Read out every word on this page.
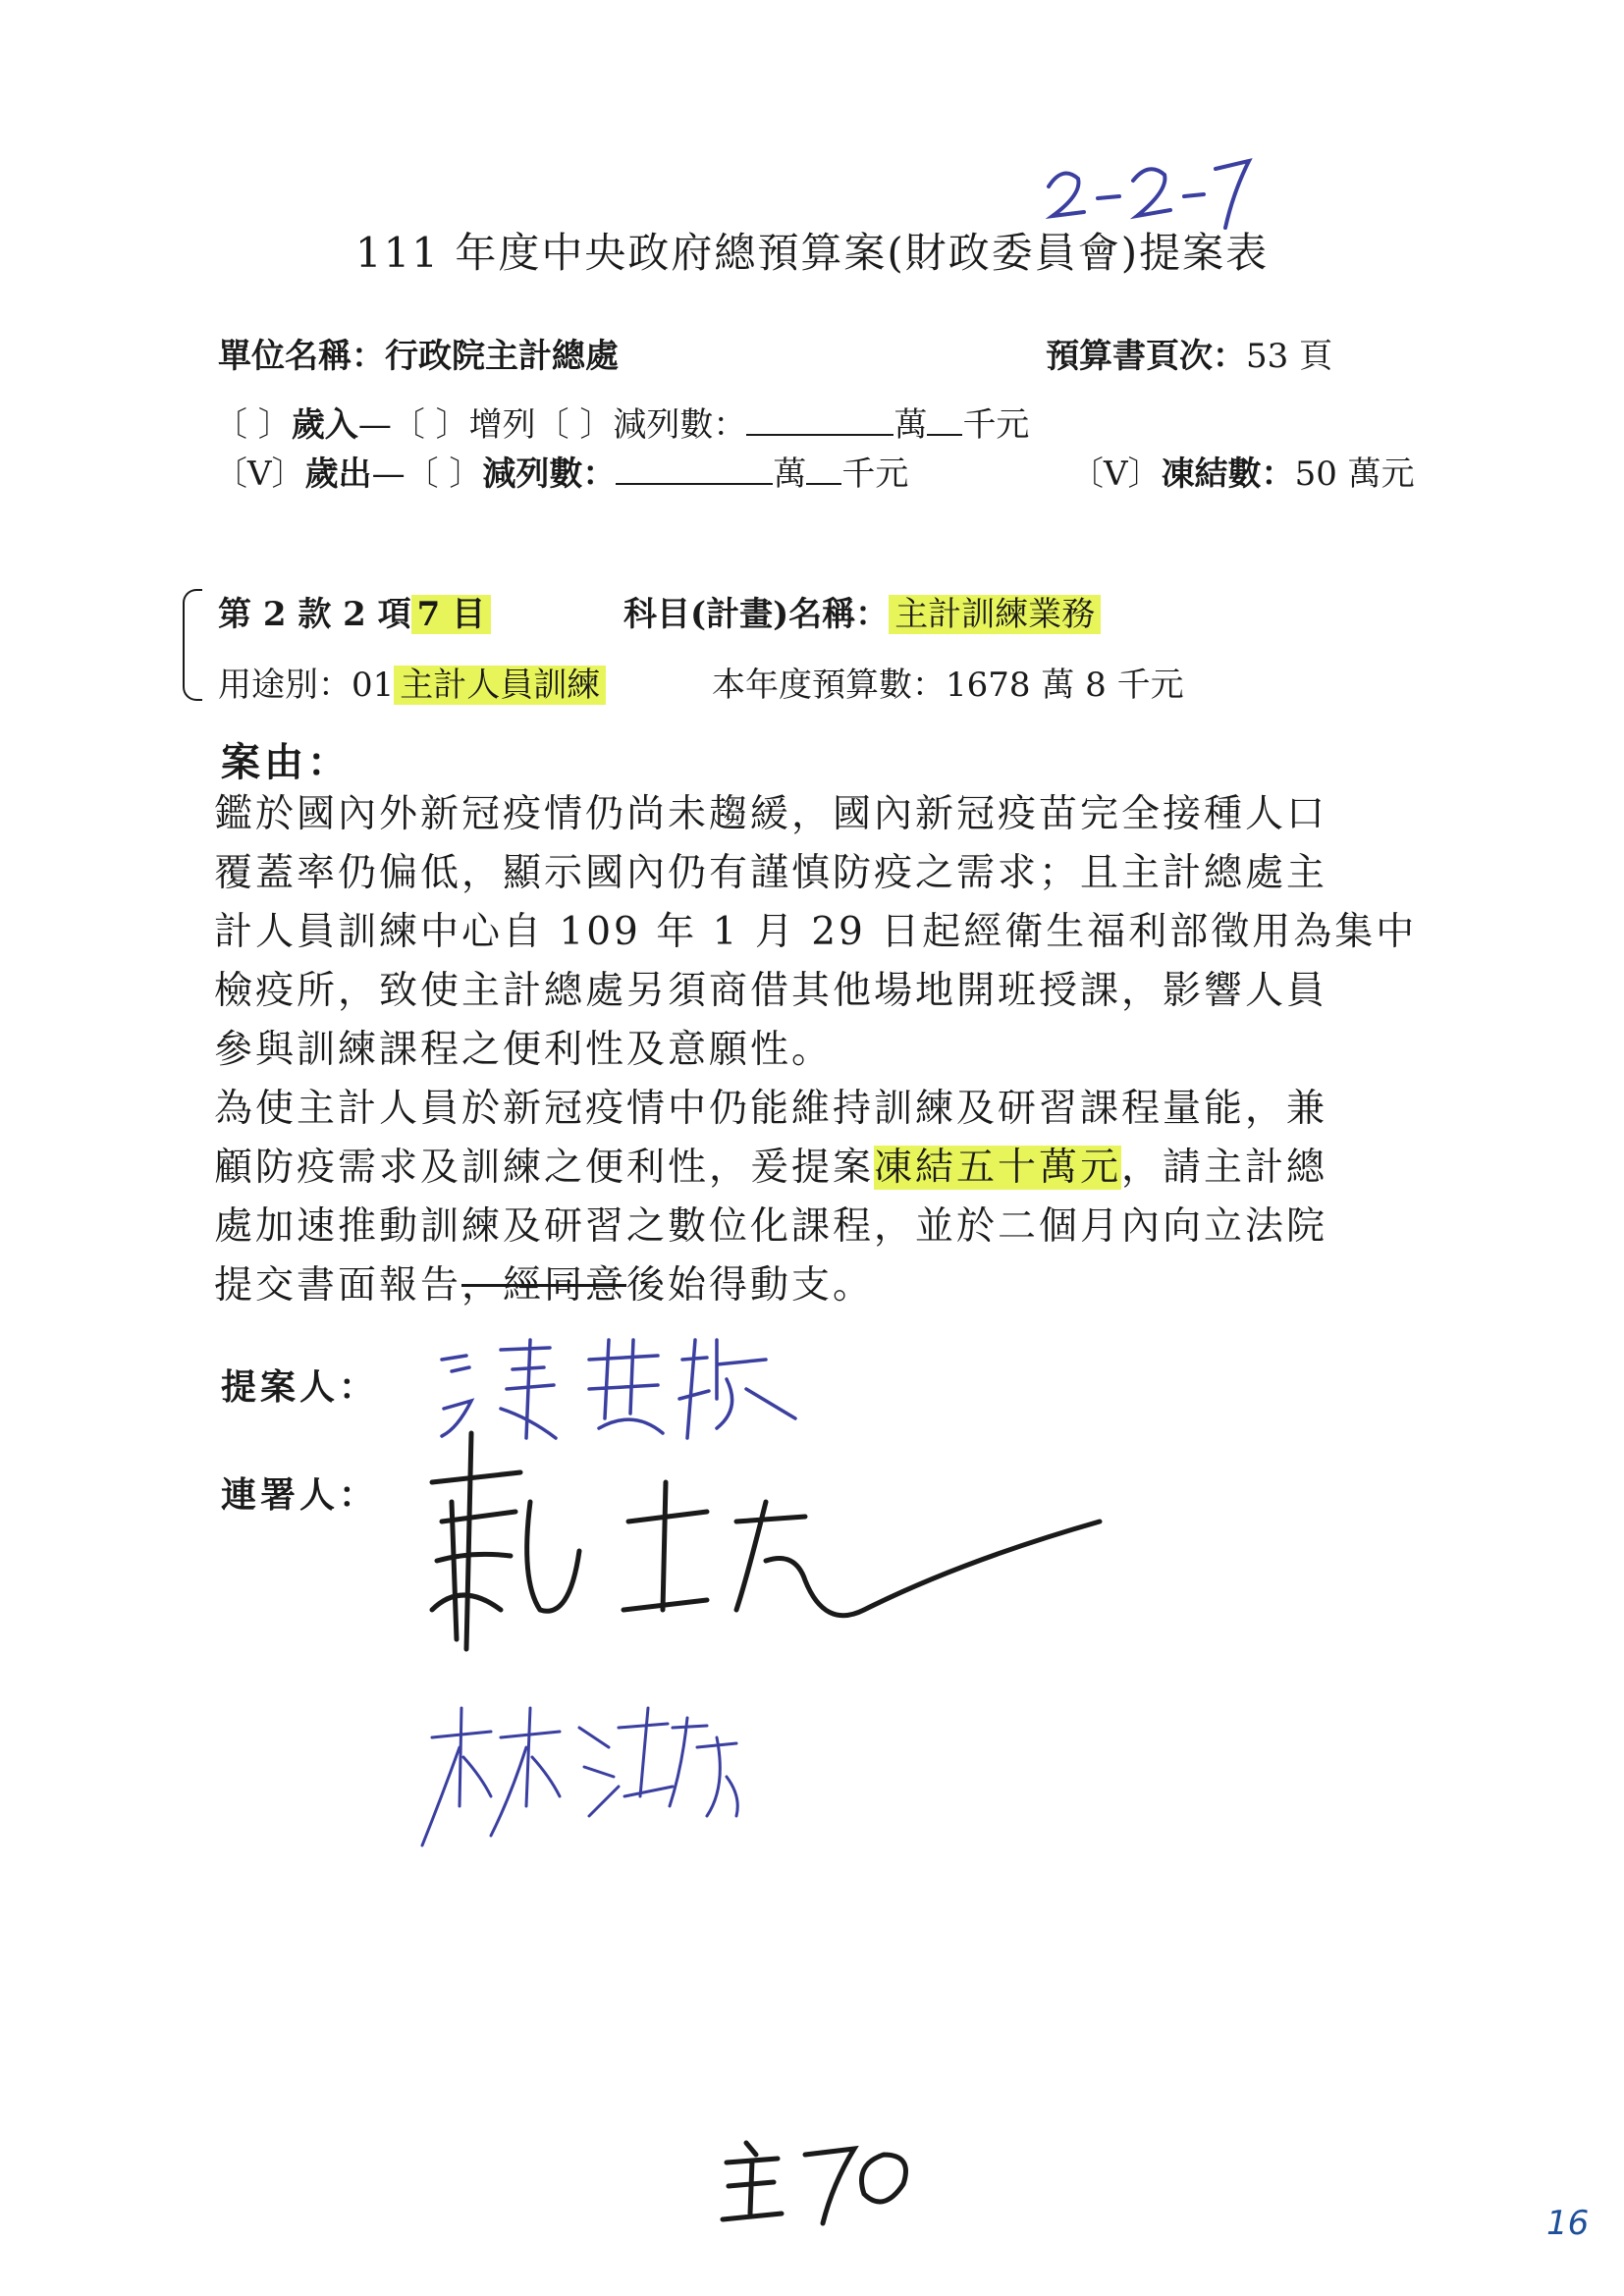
111 年度中央政府總預算案(財政委員會)提案表
單位名稱：行政院主計總處	預算書頁次：53 頁
〔 〕歲入—〔 〕增列〔 〕減列數：	萬 千元
〔V〕歲出—〔 〕減列數：	萬 千元	〔V〕凍結數：50 萬元
第 2 款 2 項 7 目	科目(計畫)名稱： 主計訓練業務
用途別：01 主計人員訓練	本年度預算數：1678 萬 8 千元
案由：

鑑於國內外新冠疫情仍尚未趨緩，國內新冠疫苗完全接種人口

覆蓋率仍偏低，顯示國內仍有謹慎防疫之需求；且主計總處主

計人員訓練中心自 109 年 1 月 29 日起經衛生福利部徵用為集中

檢疫所，致使主計總處另須商借其他場地開班授課，影響人員

參與訓練課程之便利性及意願性。

為使主計人員於新冠疫情中仍能維持訓練及研習課程量能，兼

顧防疫需求及訓練之便利性，爰提案凍結五十萬元，請主計總

處加速推動訓練及研習之數位化課程，並於二個月內向立法院

提交書面報告，經同意後始得動支。

提案人：
連署人：
16
